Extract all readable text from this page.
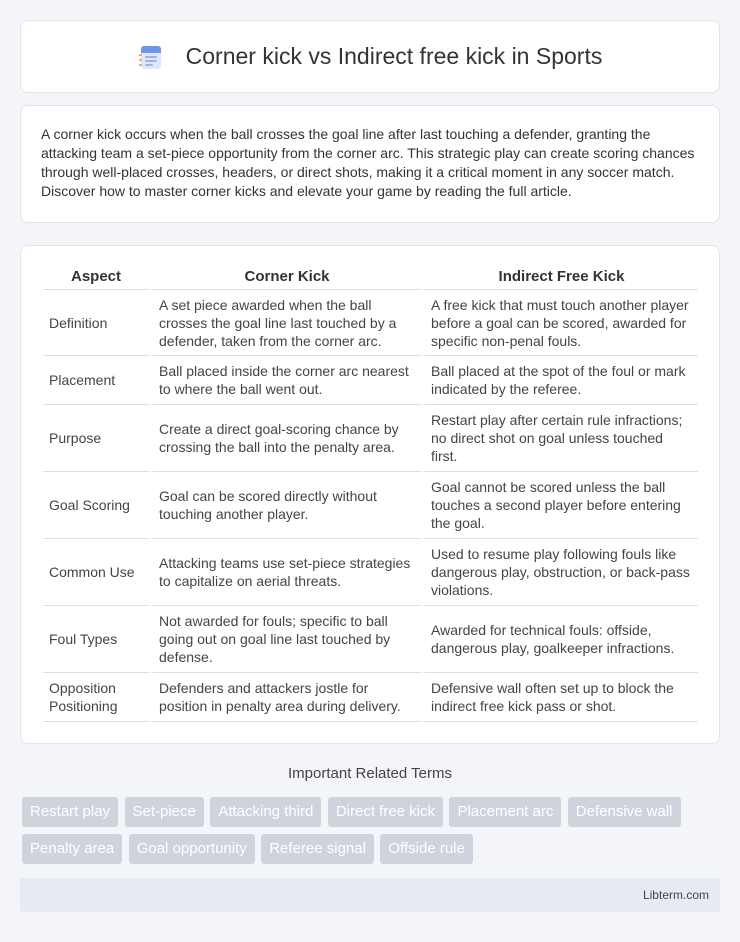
Corner kick vs Indirect free kick in Sports

A corner kick occurs when the ball crosses the goal line after last touching a defender, granting the attacking team a set-piece opportunity from the corner arc. This strategic play can create scoring chances through well-placed crosses, headers, or direct shots, making it a critical moment in any soccer match. Discover how to master corner kicks and elevate your game by reading the full article.

Aspect	Corner Kick	Indirect Free Kick
Definition	A set piece awarded when the ball crosses the goal line last touched by a defender, taken from the corner arc.	A free kick that must touch another player before a goal can be scored, awarded for specific non-penal fouls.
Placement	Ball placed inside the corner arc nearest to where the ball went out.	Ball placed at the spot of the foul or mark indicated by the referee.
Purpose	Create a direct goal-scoring chance by crossing the ball into the penalty area.	Restart play after certain rule infractions; no direct shot on goal unless touched first.
Goal Scoring	Goal can be scored directly without touching another player.	Goal cannot be scored unless the ball touches a second player before entering the goal.
Common Use	Attacking teams use set-piece strategies to capitalize on aerial threats.	Used to resume play following fouls like dangerous play, obstruction, or back-pass violations.
Foul Types	Not awarded for fouls; specific to ball going out on goal line last touched by defense.	Awarded for technical fouls: offside, dangerous play, goalkeeper infractions.
Opposition Positioning	Defenders and attackers jostle for position in penalty area during delivery.	Defensive wall often set up to block the indirect free kick pass or shot.
Important Related Terms
Restart play Set-piece Attacking third Direct free kick Placement arc Defensive wall Penalty area Goal opportunity Referee signal Offside rule
Libterm.com
